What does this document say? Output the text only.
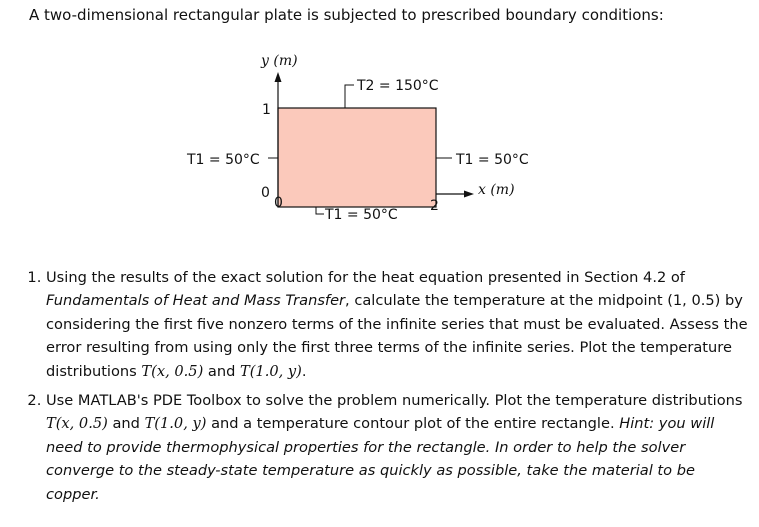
A two-dimensional rectangular plate is subjected to prescribed boundary conditions:
y (m)
x (m)
1
0
0	2
T2 = 150°C
T1 = 50°C	T1 = 50°C
T1 = 50°C
1. Using the results of the exact solution for the heat equation presented in Section 4.2 of Fundamentals of Heat and Mass Transfer, calculate the temperature at the midpoint (1, 0.5) by considering the first five nonzero terms of the infinite series that must be evaluated. Assess the error resulting from using only the first three terms of the infinite series. Plot the temperature distributions T(x, 0.5) and T(1.0, y).
2. Use MATLAB's PDE Toolbox to solve the problem numerically. Plot the temperature distributions T(x, 0.5) and T(1.0, y) and a temperature contour plot of the entire rectangle. Hint: you will need to provide thermophysical properties for the rectangle. In order to help the solver converge to the steady-state temperature as quickly as possible, take the material to be copper.
